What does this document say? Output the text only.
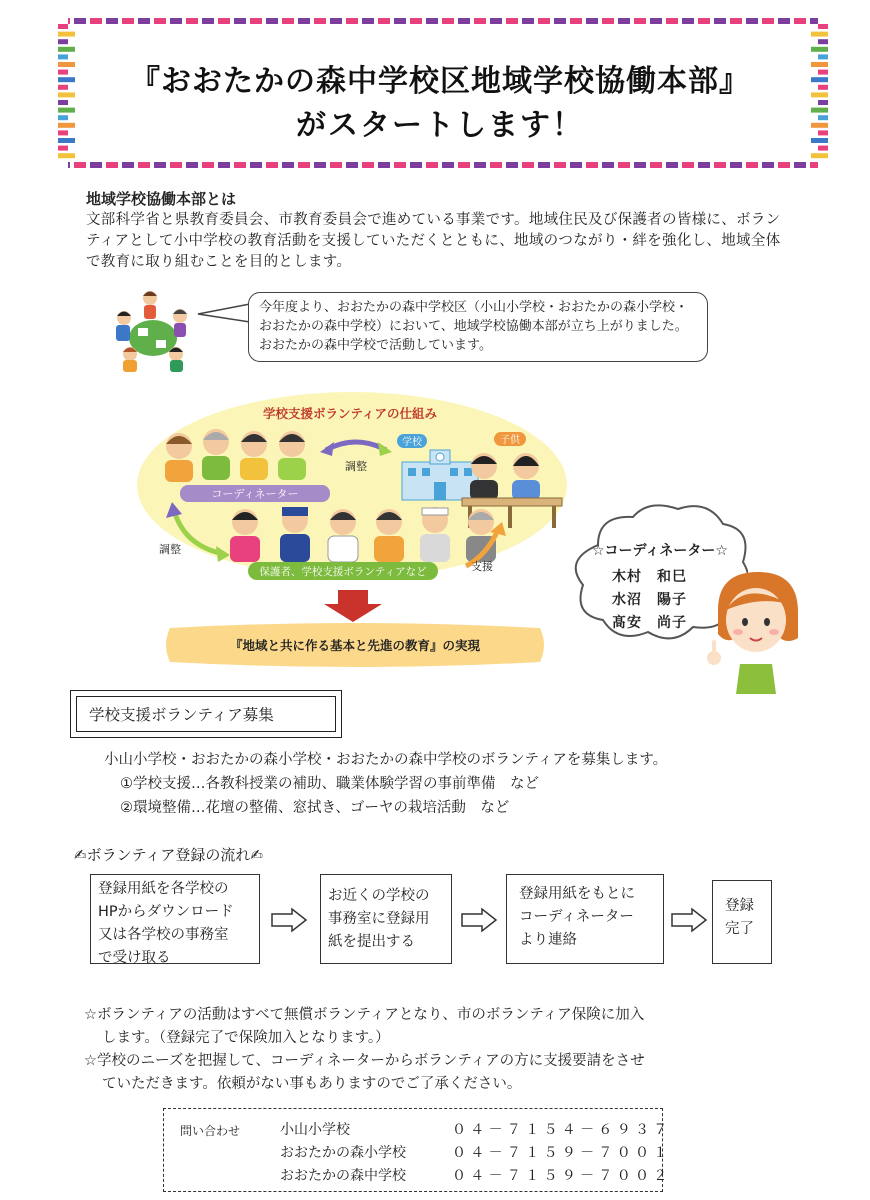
『おおたかの森中学校区地域学校協働本部』
がスタートします！
地域学校協働本部とは
文部科学省と県教育委員会、市教育委員会で進めている事業です。地域住民及び保護者の皆様に、ボランティアとして小中学校の教育活動を支援していただくとともに、地域のつながり・絆を強化し、地域全体で教育に取り組むことを目的とします。
今年度より、おおたかの森中学校区（小山小学校・おおたかの森小学校・おおたかの森中学校）において、地域学校協働本部が立ち上がりました。おおたかの森中学校で活動しています。
学校支援ボランティアの仕組み
コーディネーター
調整
学校	子供
調整
保護者、学校支援ボランティアなど	支援
『地域と共に作る基本と先進の教育』の実現
☆コーディネーター☆
木村　和巳
水沼　陽子
髙安　尚子
学校支援ボランティア募集
小山小学校・おおたかの森小学校・おおたかの森中学校のボランティアを募集します。
①学校支援…各教科授業の補助、職業体験学習の事前準備　など
②環境整備…花壇の整備、窓拭き、ゴーヤの栽培活動　など
✍ボランティア登録の流れ✍
登録用紙を各学校の
HPからダウンロード
又は各学校の事務室
で受け取る
お近くの学校の
事務室に登録用
紙を提出する
登録用紙をもとに
コーディネーター
より連絡
登録
完了
☆ボランティアの活動はすべて無償ボランティアとなり、市のボランティア保険に加入
します。（登録完了で保険加入となります。）
☆学校のニーズを把握して、コーディネーターからボランティアの方に支援要請をさせ
ていただきます。依頼がない事もありますのでご了承ください。
問い合わせ	小山小学校	０４－７１５４－６９３７
おおたかの森小学校	０４－７１５９－７００１
おおたかの森中学校	０４－７１５９－７００２
